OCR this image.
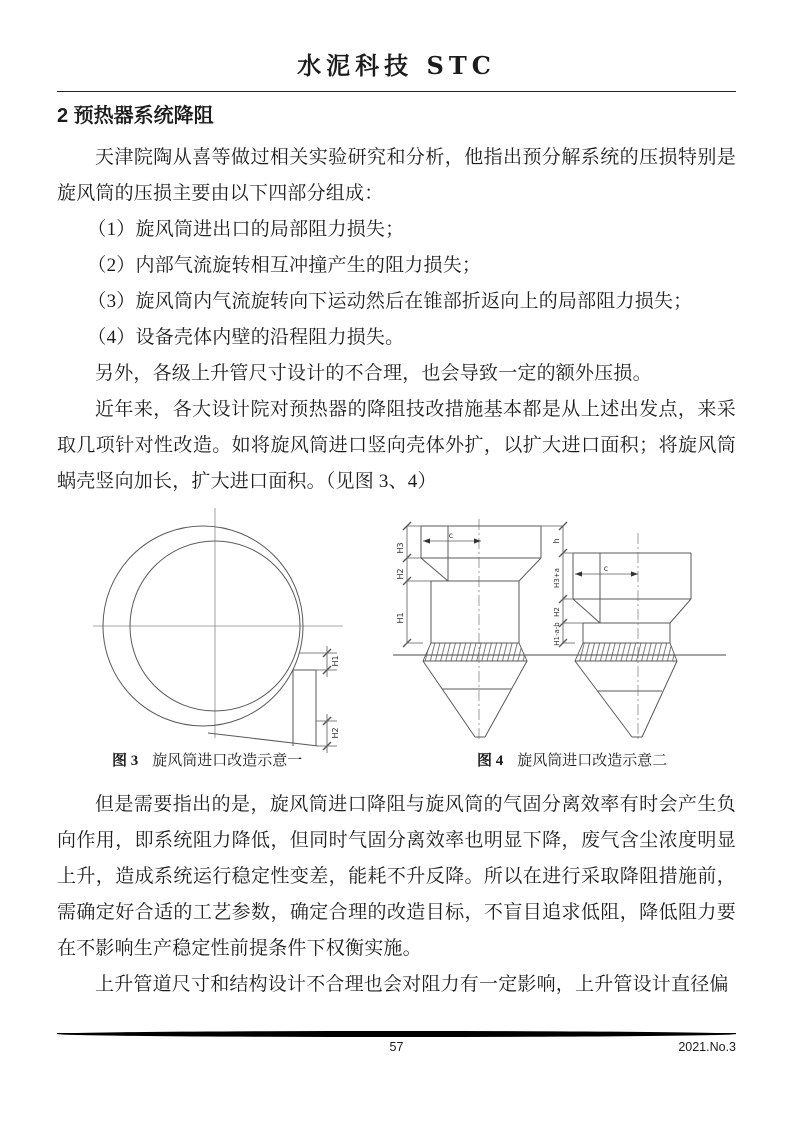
水泥科技 STC
2 预热器系统降阻

天津院陶从喜等做过相关实验研究和分析，他指出预分解系统的压损特别是旋风筒的压损主要由以下四部分组成：

（1）旋风筒进出口的局部阻力损失；

（2）内部气流旋转相互冲撞产生的阻力损失；

（3）旋风筒内气流旋转向下运动然后在锥部折返向上的局部阻力损失；

（4）设备壳体内壁的沿程阻力损失。

另外，各级上升管尺寸设计的不合理，也会导致一定的额外压损。

近年来，各大设计院对预热器的降阻技改措施基本都是从上述出发点，来采取几项针对性改造。如将旋风筒进口竖向壳体外扩，以扩大进口面积；将旋风筒蜗壳竖向加长，扩大进口面积。（见图 3、4）

H1
H2
图 3 旋风筒进口改造示意一
c
H3
H2
H1
c
h
H3+a
H2
H1-a-b
图 4 旋风筒进口改造示意二

但是需要指出的是，旋风筒进口降阻与旋风筒的气固分离效率有时会产生负向作用，即系统阻力降低，但同时气固分离效率也明显下降，废气含尘浓度明显上升，造成系统运行稳定性变差，能耗不升反降。所以在进行采取降阻措施前，需确定好合适的工艺参数，确定合理的改造目标，不盲目追求低阻，降低阻力要在不影响生产稳定性前提条件下权衡实施。

上升管道尺寸和结构设计不合理也会对阻力有一定影响，上升管设计直径偏

57	2021.No.3
